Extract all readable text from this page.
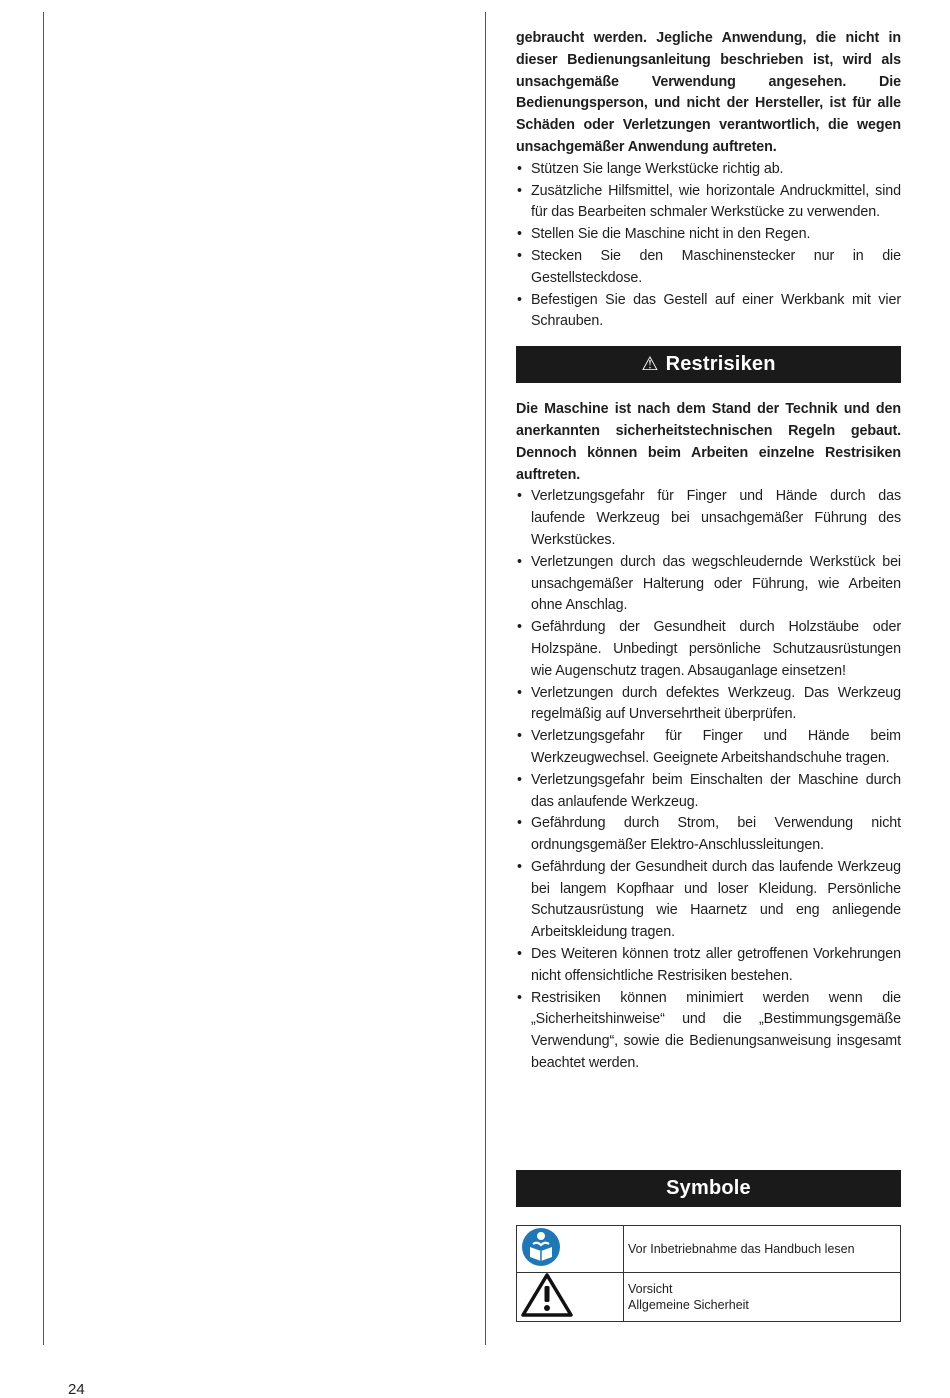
gebraucht werden. Jegliche Anwendung, die nicht in dieser Bedienungsanleitung beschrieben ist, wird als unsachgemäße Verwendung angesehen. Die Bedienungsperson, und nicht der Hersteller, ist für alle Schäden oder Verletzungen verantwortlich, die wegen unsachgemäßer Anwendung auftreten.

• Stützen Sie lange Werkstücke richtig ab.
• Zusätzliche Hilfsmittel, wie horizontale Andruckmittel, sind für das Bearbeiten schmaler Werkstücke zu verwenden.
• Stellen Sie die Maschine nicht in den Regen.
• Stecken Sie den Maschinenstecker nur in die Gestellsteckdose.
• Befestigen Sie das Gestell auf einer Werkbank mit vier Schrauben.
⚠ Restrisiken

Die Maschine ist nach dem Stand der Technik und den anerkannten sicherheitstechnischen Regeln gebaut. Dennoch können beim Arbeiten einzelne Restrisiken auftreten.

• Verletzungsgefahr für Finger und Hände durch das laufende Werkzeug bei unsachgemäßer Führung des Werkstückes.
• Verletzungen durch das wegschleudernde Werkstück bei unsachgemäßer Halterung oder Führung, wie Arbeiten ohne Anschlag.
• Gefährdung der Gesundheit durch Holzstäube oder Holzspäne. Unbedingt persönliche Schutzausrüstungen wie Augenschutz tragen. Absauganlage einsetzen!
• Verletzungen durch defektes Werkzeug. Das Werkzeug regelmäßig auf Unversehrtheit überprüfen.
• Verletzungsgefahr für Finger und Hände beim Werkzeugwechsel. Geeignete Arbeitshandschuhe tragen.
• Verletzungsgefahr beim Einschalten der Maschine durch das anlaufende Werkzeug.
• Gefährdung durch Strom, bei Verwendung nicht ordnungsgemäßer Elektro-Anschlussleitungen.
• Gefährdung der Gesundheit durch das laufende Werkzeug bei langem Kopfhaar und loser Kleidung. Persönliche Schutzausrüstung wie Haarnetz und eng anliegende Arbeitskleidung tragen.
• Des Weiteren können trotz aller getroffenen Vorkehrungen nicht offensichtliche Restrisiken bestehen.
• Restrisiken können minimiert werden wenn die „Sicherheitshinweise“ und die „Bestimmungsgemäße Verwendung“, sowie die Bedienungsanweisung insgesamt beachtet werden.
Symbole

Vor Inbetriebnahme das Handbuch lesen

Vorsicht
Allgemeine Sicherheit
24
